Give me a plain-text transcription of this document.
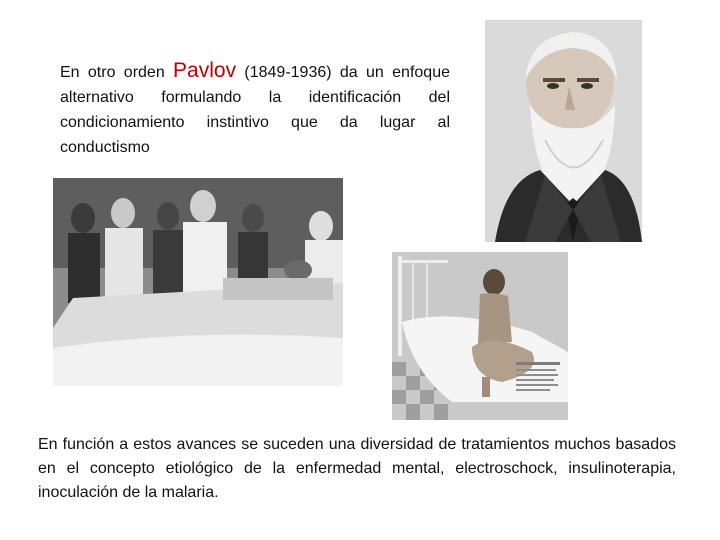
En otro orden Pavlov (1849-1936) da un enfoque alternativo formulando la identificación del condicionamiento instintivo que da lugar al conductismo
En función a estos avances se suceden una diversidad de tratamientos muchos basados en el concepto etiológico de la enfermedad mental, electroschock, insulinoterapia, inoculación de la malaria.
